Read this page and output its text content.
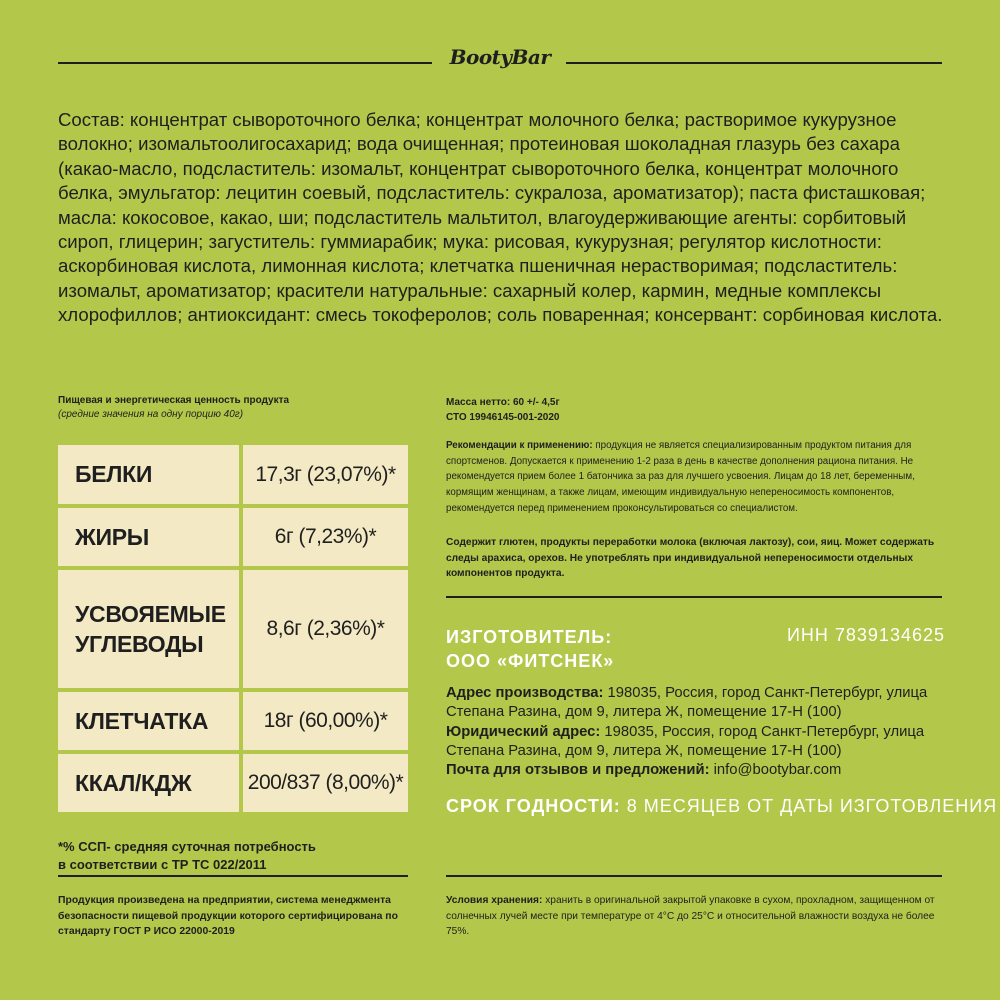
BootyBar

Состав: концентрат сывороточного белка; концентрат молочного белка; растворимое кукурузное волокно; изомальтоолигосахарид; вода очищенная; протеиновая шоколадная глазурь без сахара (какао-масло, подсластитель: изомальт, концентрат сывороточного белка, концентрат молочного белка, эмульгатор: лецитин соевый, подсластитель: сукралоза, ароматизатор); паста фисташковая; масла: кокосовое, какао, ши; подсластитель мальтитол, влагоудерживающие агенты: сорбитовый сироп, глицерин; загуститель: гуммиарабик; мука: рисовая, кукурузная; регулятор кислотности: аскорбиновая кислота, лимонная кислота; клетчатка пшеничная нерастворимая; подсластитель: изомальт, ароматизатор; красители натуральные: сахарный колер, кармин, медные комплексы хлорофиллов; антиоксидант: смесь токоферолов; соль поваренная; консервант: сорбиновая кислота.

Пищевая и энергетическая ценность продукта
(средние значения на одну порцию 40г)
БЕЛКИ	17,3г (23,07%)*
ЖИРЫ	6г (7,23%)*
УСВОЯЕМЫЕ
УГЛЕВОДЫ	8,6г (2,36%)*
КЛЕТЧАТКА	18г (60,00%)*
ККАЛ/КДЖ	200/837 (8,00%)*
*% ССП- средняя суточная потребность
в соответствии с ТР ТС 022/2011
Продукция произведена на предприятии, система менеджмента безопасности пищевой продукции которого сертифицирована по стандарту ГОСТ Р ИСО 22000-2019
Масса нетто: 60 +/- 4,5г
СТО 19946145-001-2020
Рекомендации к применению: продукция не является специализированным продуктом питания для спортсменов. Допускается к применению 1-2 раза в день в качестве дополнения рациона питания. Не рекомендуется прием более 1 батончика за раз для лучшего усвоения. Лицам до 18 лет, беременным, кормящим женщинам, а также лицам, имеющим индивидуальную непереносимость компонентов, рекомендуется перед применением проконсультироваться со специалистом.
Содержит глютен, продукты переработки молока (включая лактозу), сои, яиц. Может содержать следы арахиса, орехов. Не употреблять при индивидуальной непереносимости отдельных компонентов продукта.
ИЗГОТОВИТЕЛЬ:
ООО «ФИТСНЕК»
ИНН 7839134625
Адрес производства: 198035, Россия, город Санкт-Петербург, улица Степана Разина, дом 9, литера Ж, помещение 17-Н (100)
Юридический адрес: 198035, Россия, город Санкт-Петербург, улица Степана Разина, дом 9, литера Ж, помещение 17-Н (100)
Почта для отзывов и предложений: info@bootybar.com
СРОК ГОДНОСТИ: 8 МЕСЯЦЕВ ОТ ДАТЫ ИЗГОТОВЛЕНИЯ
Условия хранения: хранить в оригинальной закрытой упаковке в сухом, прохладном, защищенном от солнечных лучей месте при температуре от 4°С до 25°С и относительной влажности воздуха не более 75%.
